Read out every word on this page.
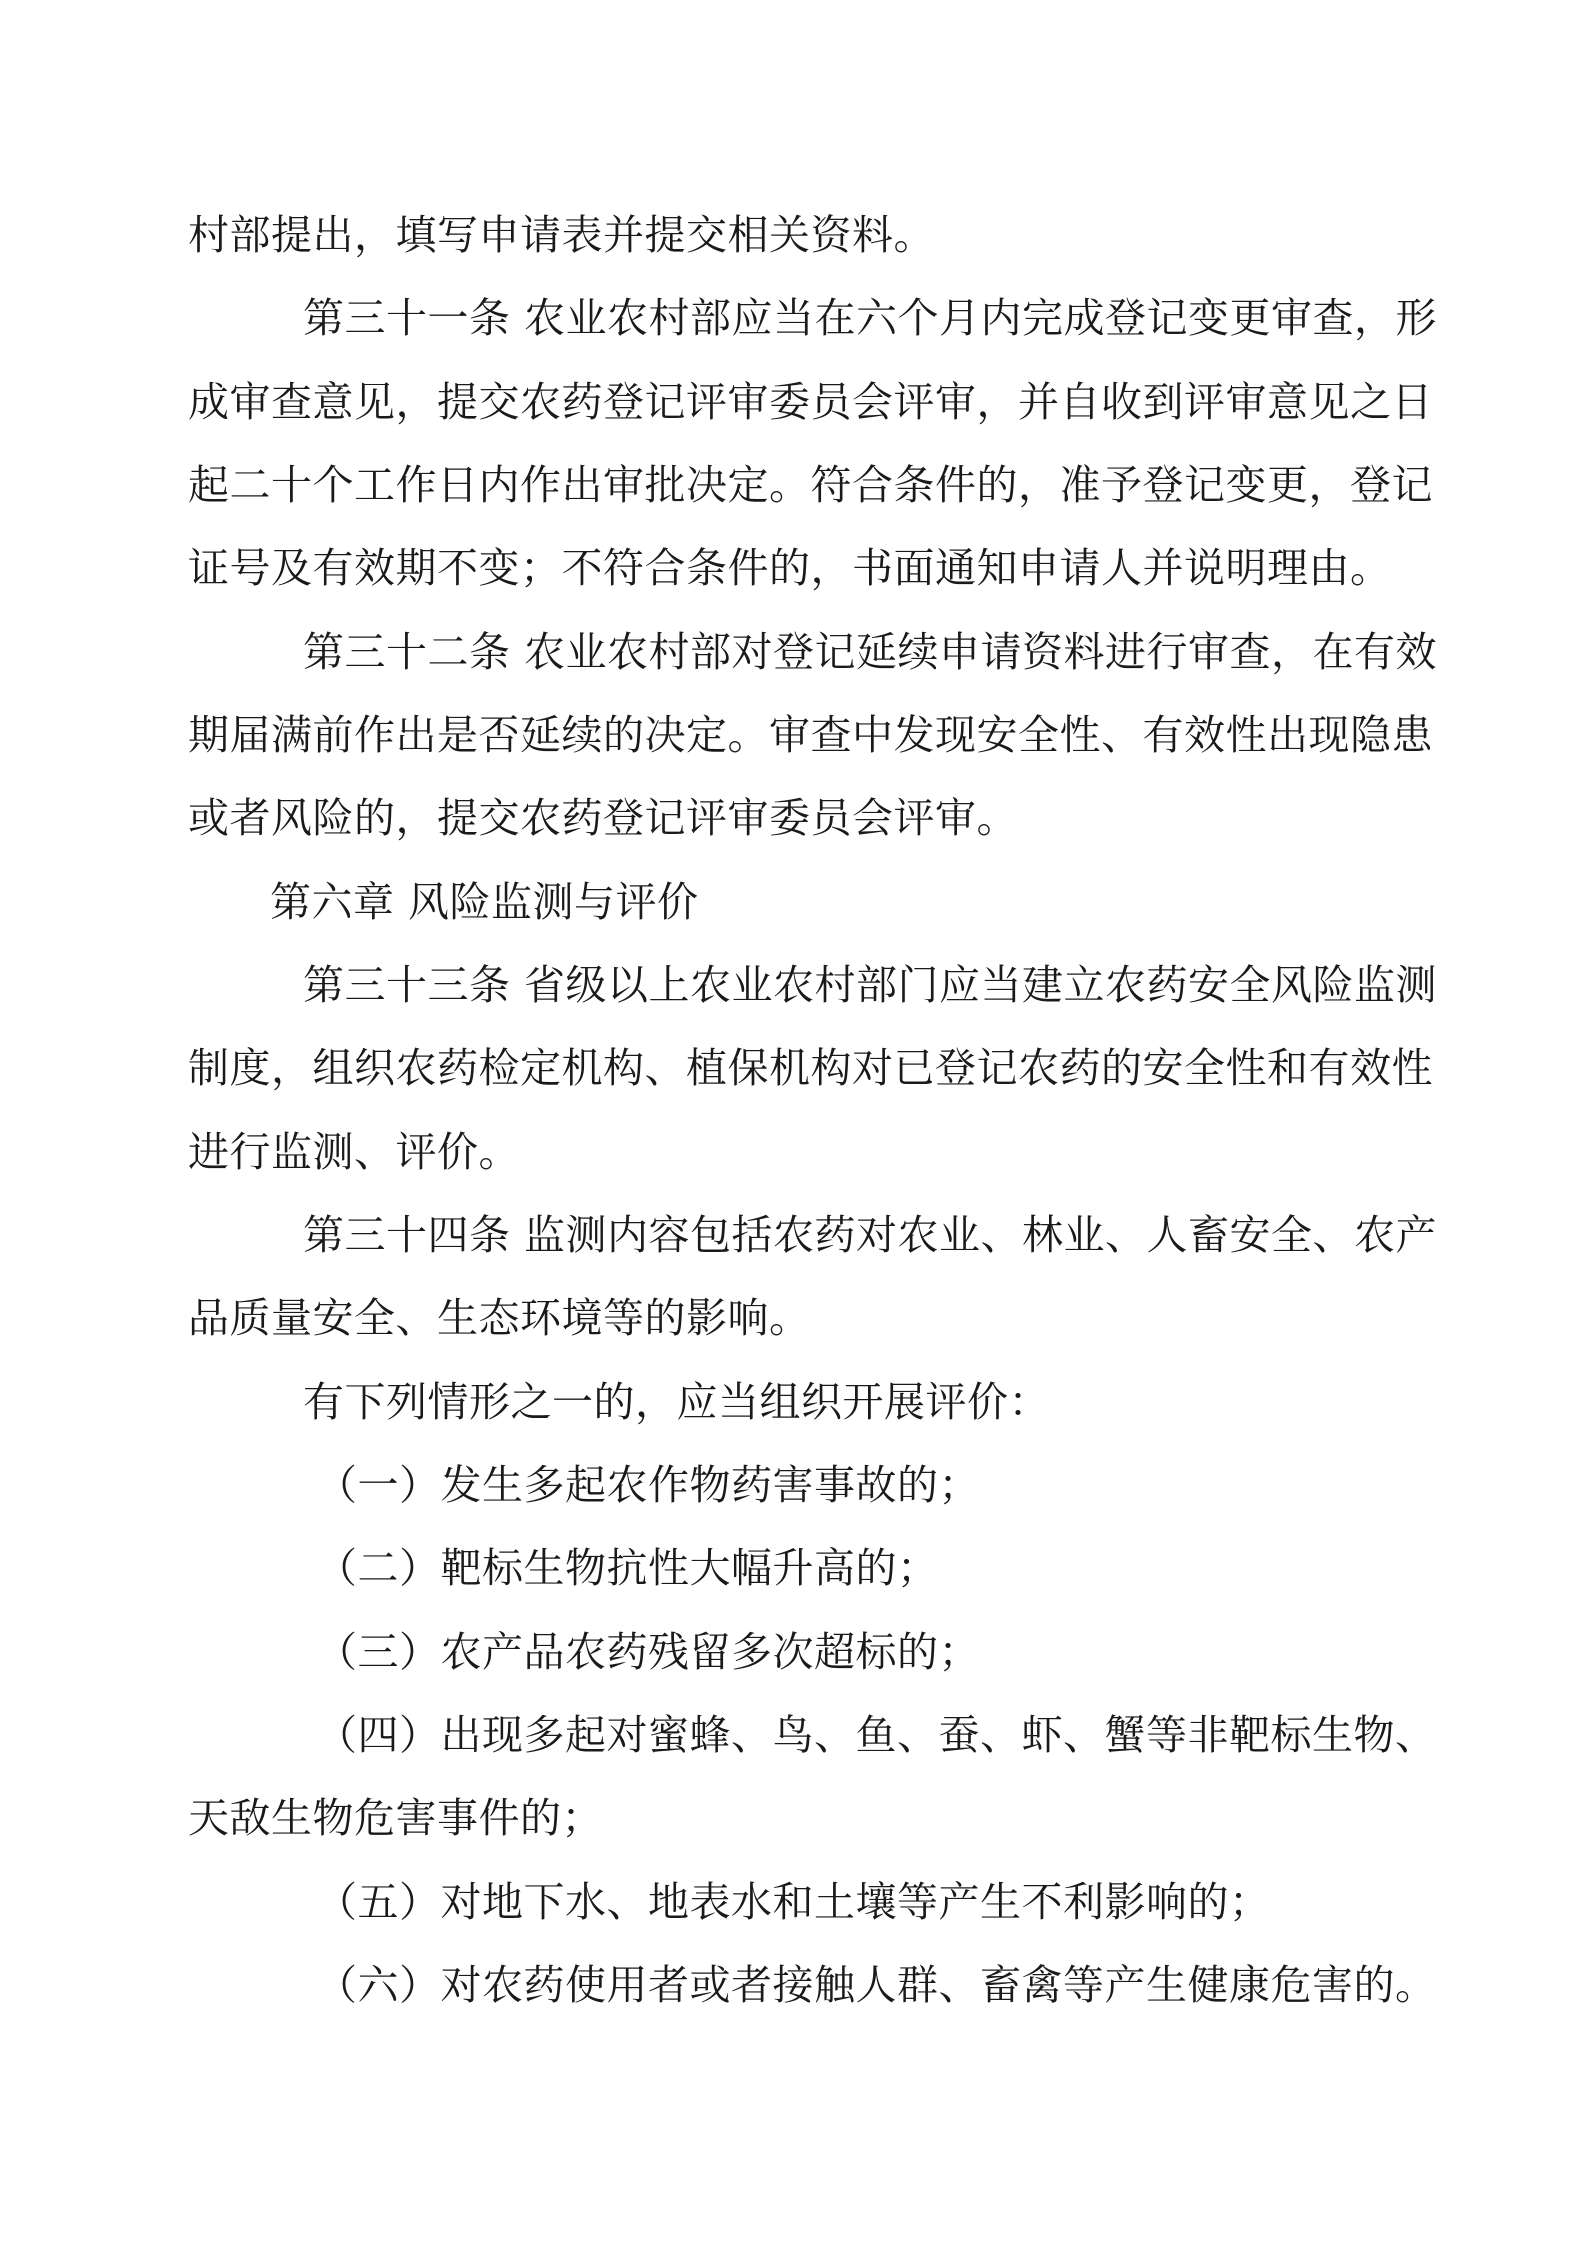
村部提出，填写申请表并提交相关资料。
第三十一条 农业农村部应当在六个月内完成登记变更审查，形
成审查意见，提交农药登记评审委员会评审，并自收到评审意见之日
起二十个工作日内作出审批决定。符合条件的，准予登记变更，登记
证号及有效期不变；不符合条件的，书面通知申请人并说明理由。
第三十二条 农业农村部对登记延续申请资料进行审查，在有效
期届满前作出是否延续的决定。审查中发现安全性、有效性出现隐患
或者风险的，提交农药登记评审委员会评审。
第六章 风险监测与评价
第三十三条 省级以上农业农村部门应当建立农药安全风险监测
制度，组织农药检定机构、植保机构对已登记农药的安全性和有效性
进行监测、评价。
第三十四条 监测内容包括农药对农业、林业、人畜安全、农产
品质量安全、生态环境等的影响。
有下列情形之一的，应当组织开展评价：
（一）发生多起农作物药害事故的；
（二）靶标生物抗性大幅升高的；
（三）农产品农药残留多次超标的；
（四）出现多起对蜜蜂、鸟、鱼、蚕、虾、蟹等非靶标生物、
天敌生物危害事件的；
（五）对地下水、地表水和土壤等产生不利影响的；
（六）对农药使用者或者接触人群、畜禽等产生健康危害的。
